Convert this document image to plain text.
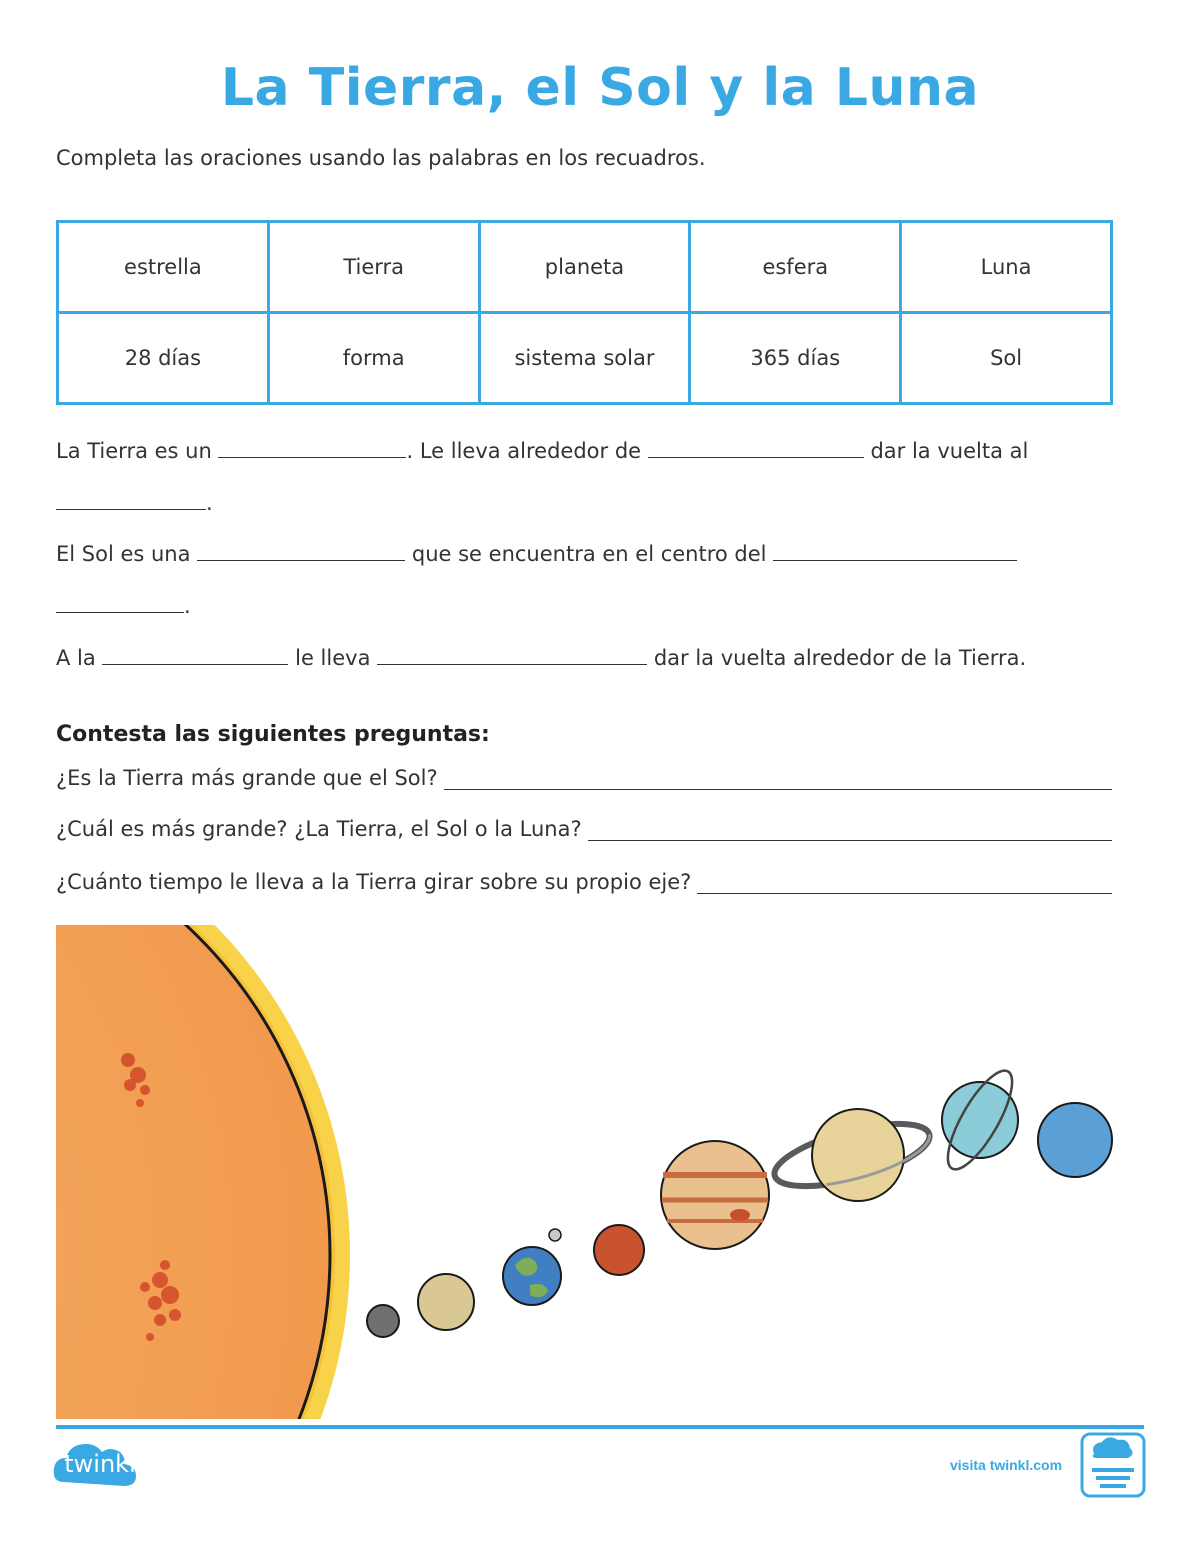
La Tierra, el Sol y la Luna
Completa las oraciones usando las palabras en los recuadros.
estrella	Tierra	planeta	esfera	Luna
28 días	forma	sistema solar	365 días	Sol
La Tierra es un	. Le lleva alrededor de	dar la vuelta al
.
El Sol es una	que se encuentra en el centro del
.
A la	le lleva	dar la vuelta alrededor de la Tierra.
Contesta las siguientes preguntas:
¿Es la Tierra más grande que el Sol?
¿Cuál es más grande? ¿La Tierra, el Sol o la Luna?
¿Cuánto tiempo le lleva a la Tierra girar sobre su propio eje?
twinkl	visita twinkl.com
